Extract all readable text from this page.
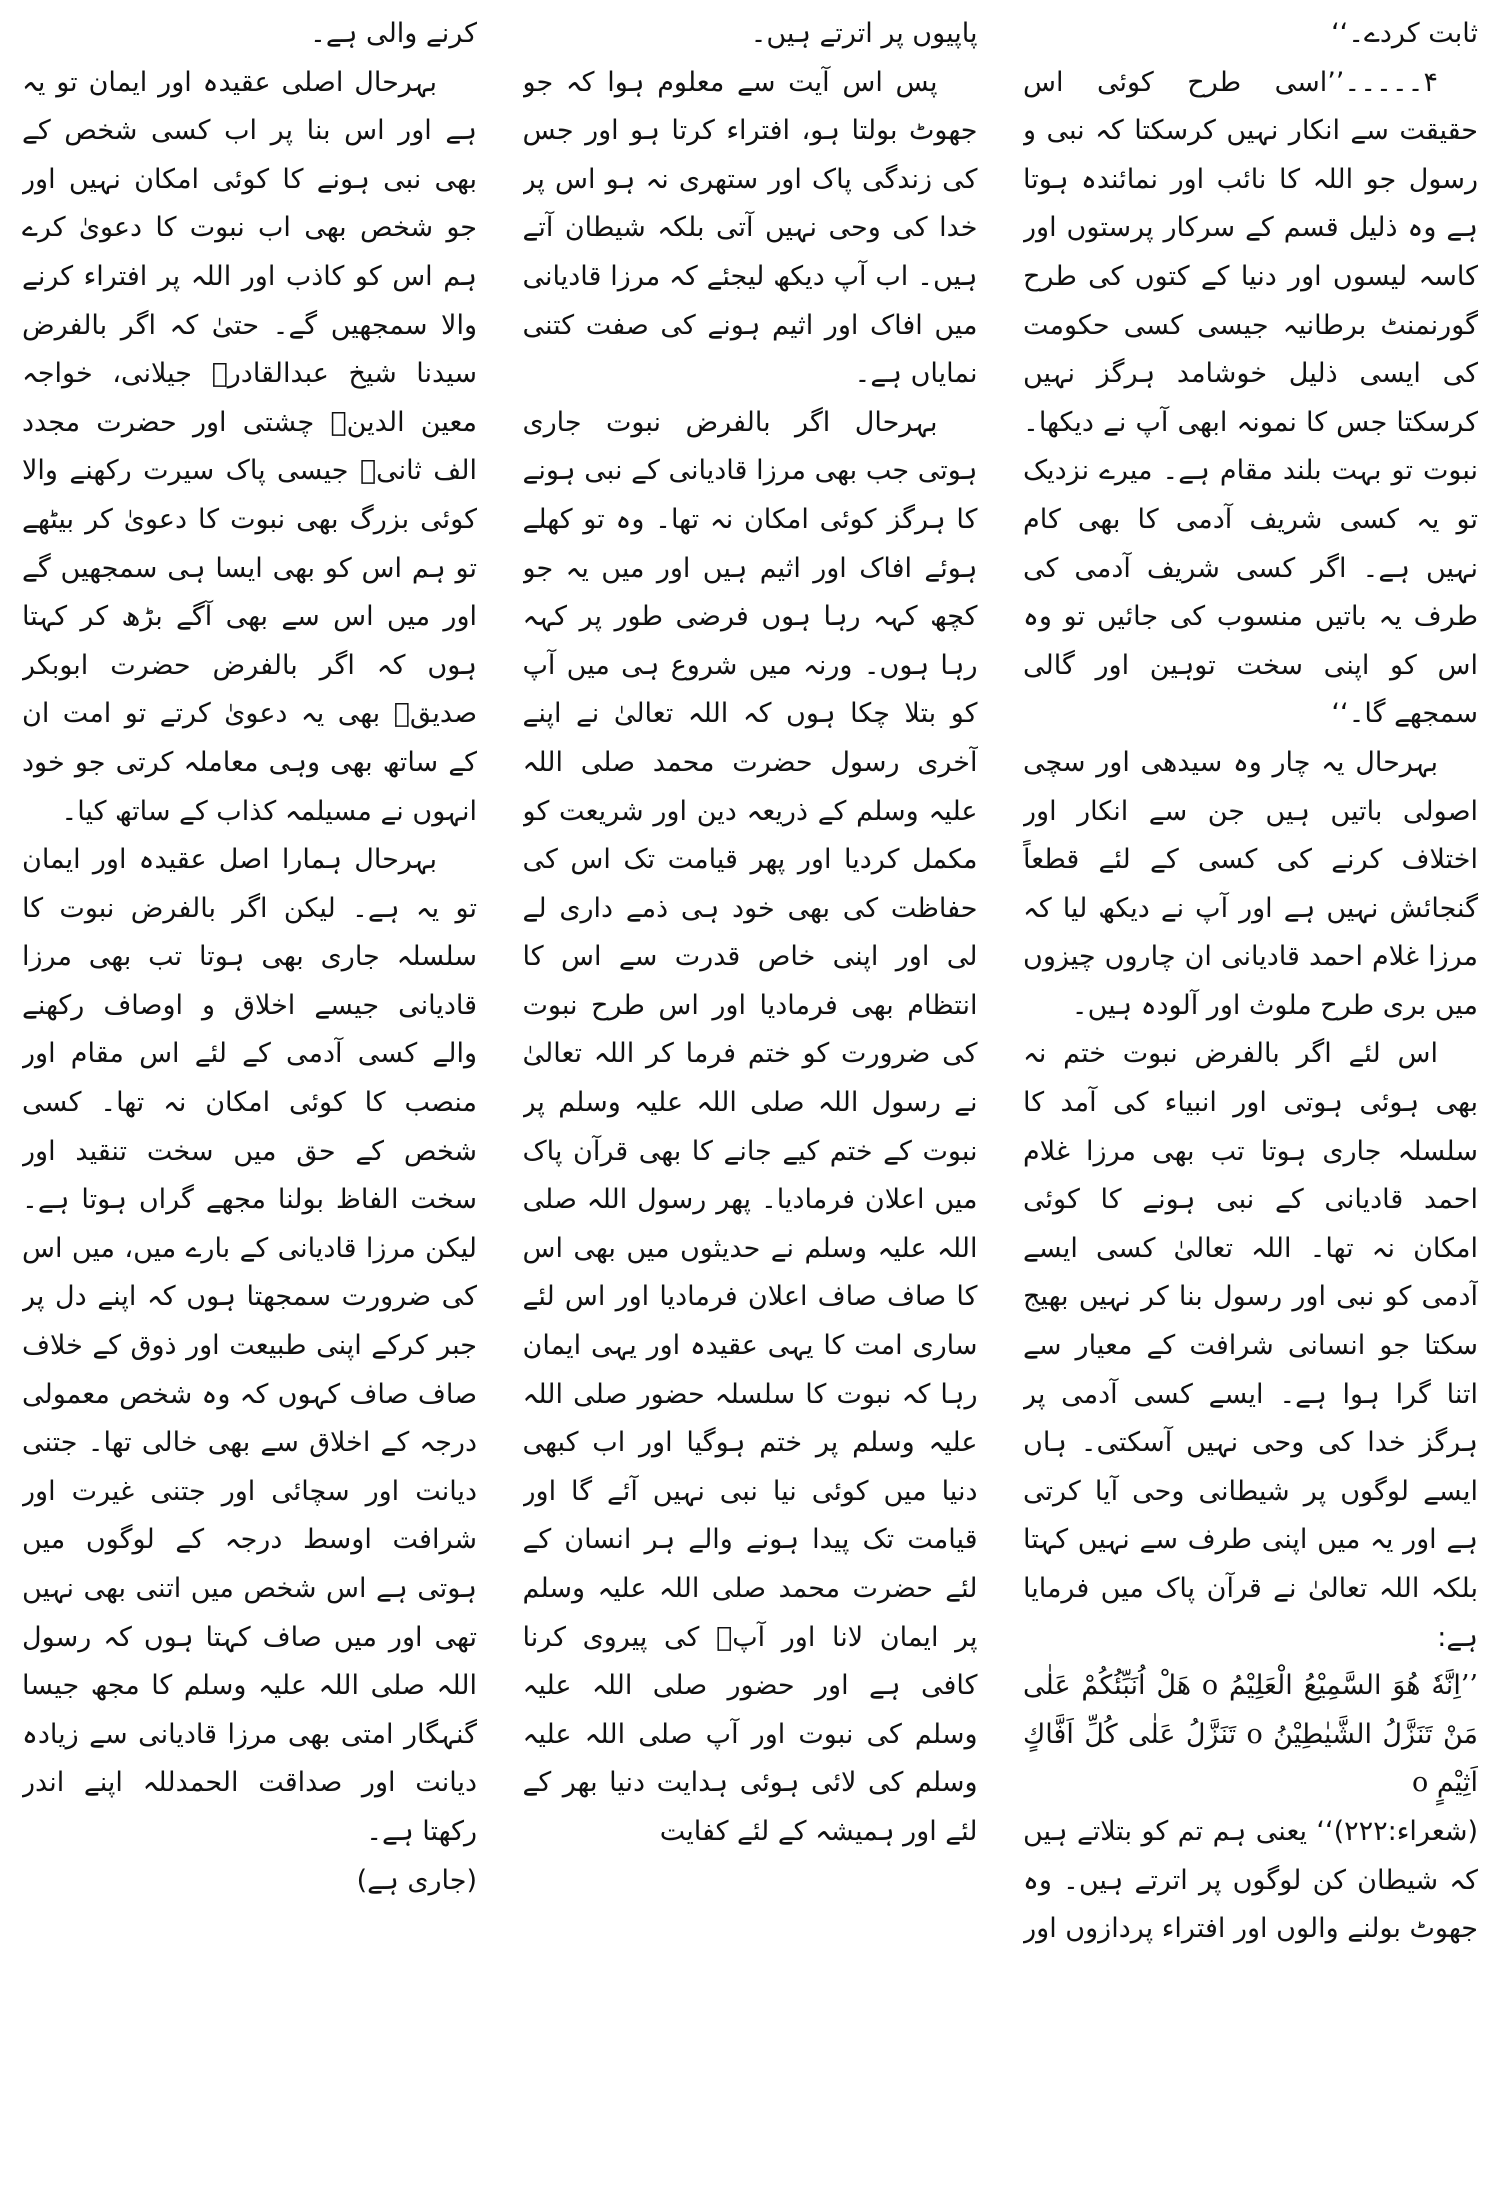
ثابت کردے۔‘‘

۴۔۔۔۔۔’’اسی طرح کوئی اس حقیقت سے انکار نہیں کرسکتا کہ نبی و رسول جو اللہ کا نائب اور نمائندہ ہوتا ہے وہ ذلیل قسم کے سرکار پرستوں اور کاسہ لیسوں اور دنیا کے کتوں کی طرح گورنمنٹ برطانیہ جیسی کسی حکومت کی ایسی ذلیل خوشامد ہرگز نہیں کرسکتا جس کا نمونہ ابھی آپ نے دیکھا۔ نبوت تو بہت بلند مقام ہے۔ میرے نزدیک تو یہ کسی شریف آدمی کا بھی کام نہیں ہے۔ اگر کسی شریف آدمی کی طرف یہ باتیں منسوب کی جائیں تو وہ اس کو اپنی سخت توہین اور گالی سمجھے گا۔‘‘

بہرحال یہ چار وہ سیدھی اور سچی اصولی باتیں ہیں جن سے انکار اور اختلاف کرنے کی کسی کے لئے قطعاً گنجائش نہیں ہے اور آپ نے دیکھ لیا کہ مرزا غلام احمد قادیانی ان چاروں چیزوں میں بری طرح ملوث اور آلودہ ہیں۔

اس لئے اگر بالفرض نبوت ختم نہ بھی ہوئی ہوتی اور انبیاء کی آمد کا سلسلہ جاری ہوتا تب بھی مرزا غلام احمد قادیانی کے نبی ہونے کا کوئی امکان نہ تھا۔ اللہ تعالیٰ کسی ایسے آدمی کو نبی اور رسول بنا کر نہیں بھیج سکتا جو انسانی شرافت کے معیار سے اتنا گرا ہوا ہے۔ ایسے کسی آدمی پر ہرگز خدا کی وحی نہیں آسکتی۔ ہاں ایسے لوگوں پر شیطانی وحی آیا کرتی ہے اور یہ میں اپنی طرف سے نہیں کہتا بلکہ اللہ تعالیٰ نے قرآن پاک میں فرمایا ہے:

’’اِنَّهٗ هُوَ السَّمِیْعُ الْعَلِیْمُ o هَلْ اُنَبِّئُكُمْ عَلٰى مَنْ تَنَزَّلُ الشَّیٰطِیْنُ o تَنَزَّلُ عَلٰى كُلِّ اَفَّاكٍ اَثِیْمٍ o

(شعراء:۲۲۲)‘‘ یعنی ہم تم کو بتلاتے ہیں کہ شیطان کن لوگوں پر اترتے ہیں۔ وہ جھوٹ بولنے والوں اور افتراء پردازوں اور

پاپیوں پر اترتے ہیں۔

پس اس آیت سے معلوم ہوا کہ جو جھوٹ بولتا ہو، افتراء کرتا ہو اور جس کی زندگی پاک اور ستھری نہ ہو اس پر خدا کی وحی نہیں آتی بلکہ شیطان آتے ہیں۔ اب آپ دیکھ لیجئے کہ مرزا قادیانی میں افاک اور اثیم ہونے کی صفت کتنی نمایاں ہے۔

بہرحال اگر بالفرض نبوت جاری ہوتی جب بھی مرزا قادیانی کے نبی ہونے کا ہرگز کوئی امکان نہ تھا۔ وہ تو کھلے ہوئے افاک اور اثیم ہیں اور میں یہ جو کچھ کہہ رہا ہوں فرضی طور پر کہہ رہا ہوں۔ ورنہ میں شروع ہی میں آپ کو بتلا چکا ہوں کہ اللہ تعالیٰ نے اپنے آخری رسول حضرت محمد صلی اللہ علیہ وسلم کے ذریعہ دین اور شریعت کو مکمل کردیا اور پھر قیامت تک اس کی حفاظت کی بھی خود ہی ذمے داری لے لی اور اپنی خاص قدرت سے اس کا انتظام بھی فرمادیا اور اس طرح نبوت کی ضرورت کو ختم فرما کر اللہ تعالیٰ نے رسول اللہ صلی اللہ علیہ وسلم پر نبوت کے ختم کیے جانے کا بھی قرآن پاک میں اعلان فرمادیا۔ پھر رسول اللہ صلی اللہ علیہ وسلم نے حدیثوں میں بھی اس کا صاف صاف اعلان فرمادیا اور اس لئے ساری امت کا یہی عقیدہ اور یہی ایمان رہا کہ نبوت کا سلسلہ حضور صلی اللہ علیہ وسلم پر ختم ہوگیا اور اب کبھی دنیا میں کوئی نیا نبی نہیں آئے گا اور قیامت تک پیدا ہونے والے ہر انسان کے لئے حضرت محمد صلی اللہ علیہ وسلم پر ایمان لانا اور آپؐ کی پیروی کرنا کافی ہے اور حضور صلی اللہ علیہ وسلم کی نبوت اور آپ صلی اللہ علیہ وسلم کی لائی ہوئی ہدایت دنیا بھر کے لئے اور ہمیشہ کے لئے کفایت

کرنے والی ہے۔

بہرحال اصلی عقیدہ اور ایمان تو یہ ہے اور اس بنا پر اب کسی شخص کے بھی نبی ہونے کا کوئی امکان نہیں اور جو شخص بھی اب نبوت کا دعویٰ کرے ہم اس کو کاذب اور اللہ پر افتراء کرنے والا سمجھیں گے۔ حتیٰ کہ اگر بالفرض سیدنا شیخ عبدالقادرؒ جیلانی، خواجہ معین الدینؒ چشتی اور حضرت مجدد الف ثانیؒ جیسی پاک سیرت رکھنے والا کوئی بزرگ بھی نبوت کا دعویٰ کر بیٹھے تو ہم اس کو بھی ایسا ہی سمجھیں گے اور میں اس سے بھی آگے بڑھ کر کہتا ہوں کہ اگر بالفرض حضرت ابوبکر صدیقؓ بھی یہ دعویٰ کرتے تو امت ان کے ساتھ بھی وہی معاملہ کرتی جو خود انہوں نے مسیلمہ کذاب کے ساتھ کیا۔

بہرحال ہمارا اصل عقیدہ اور ایمان تو یہ ہے۔ لیکن اگر بالفرض نبوت کا سلسلہ جاری بھی ہوتا تب بھی مرزا قادیانی جیسے اخلاق و اوصاف رکھنے والے کسی آدمی کے لئے اس مقام اور منصب کا کوئی امکان نہ تھا۔ کسی شخص کے حق میں سخت تنقید اور سخت الفاظ بولنا مجھے گراں ہوتا ہے۔ لیکن مرزا قادیانی کے بارے میں، میں اس کی ضرورت سمجھتا ہوں کہ اپنے دل پر جبر کرکے اپنی طبیعت اور ذوق کے خلاف صاف صاف کہوں کہ وہ شخص معمولی درجہ کے اخلاق سے بھی خالی تھا۔ جتنی دیانت اور سچائی اور جتنی غیرت اور شرافت اوسط درجہ کے لوگوں میں ہوتی ہے اس شخص میں اتنی بھی نہیں تھی اور میں صاف کہتا ہوں کہ رسول اللہ صلی اللہ علیہ وسلم کا مجھ جیسا گنہگار امتی بھی مرزا قادیانی سے زیادہ دیانت اور صداقت الحمدللہ اپنے اندر رکھتا ہے۔

(جاری ہے)
